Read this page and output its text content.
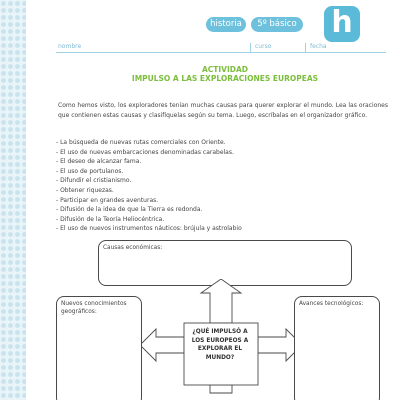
historia	5º básico h
nombre	curso	fecha
ACTIVIDAD
IMPULSO A LAS EXPLORACIONES EUROPEAS

Como hemos visto, los exploradores tenían muchas causas para querer explorar el mundo. Lea las oraciones que contienen estas causas y clasifíquelas según su tema. Luego, escríbalas en el organizador gráfico.

- La búsqueda de nuevas rutas comerciales con Oriente.
- El uso de nuevas embarcaciones denominadas carabelas.
- El deseo de alcanzar fama.
- El uso de portulanos.
- Difundir el cristianismo.
- Obtener riquezas.
- Participar en grandes aventuras.
- Difusión de la idea de que la Tierra es redonda.
- Difusión de la Teoría Heliocéntrica.
- El uso de nuevos instrumentos náuticos: brújula y astrolabio
Causas económicas:
¿QUÉ IMPULSÓ A LOS EUROPEOS A EXPLORAR EL MUNDO?
Nuevos conocimientos geográficos:
Avances tecnológicos:
